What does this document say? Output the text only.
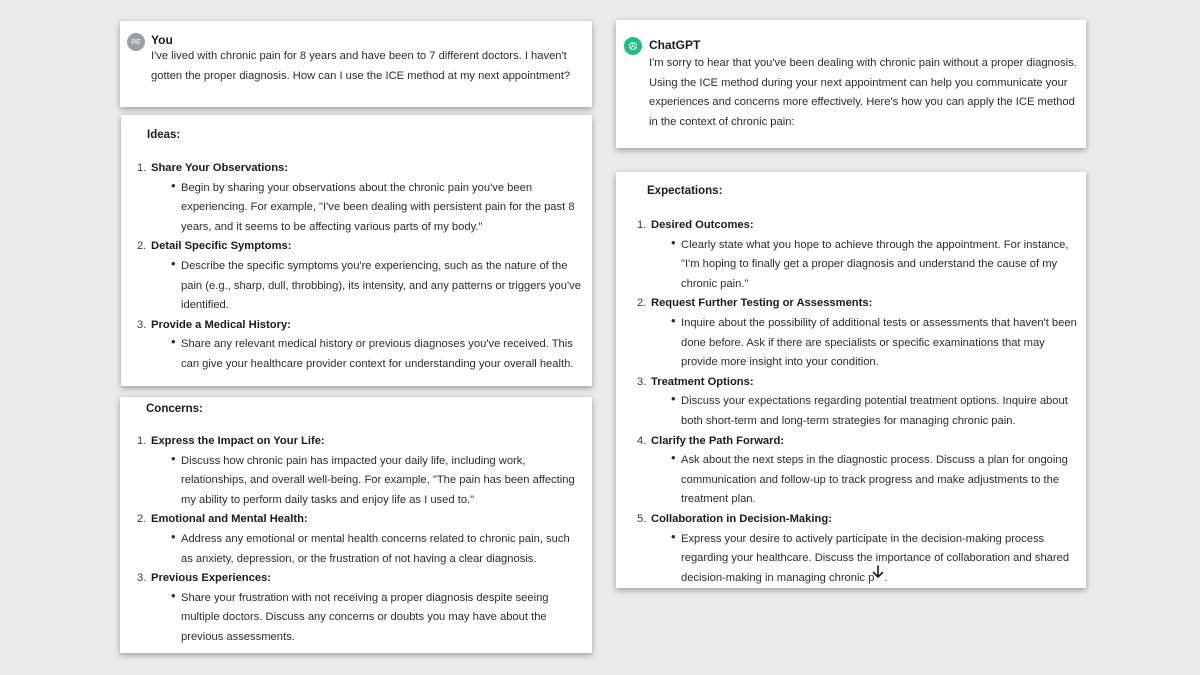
RE You
I've lived with chronic pain for 8 years and have been to 7 different doctors. I haven't gotten the proper diagnosis. How can I use the ICE method at my next appointment?
Ideas:
1. Share Your Observations:
• Begin by sharing your observations about the chronic pain you've been experiencing. For example, "I've been dealing with persistent pain for the past 8 years, and it seems to be affecting various parts of my body."
2. Detail Specific Symptoms:
• Describe the specific symptoms you're experiencing, such as the nature of the pain (e.g., sharp, dull, throbbing), its intensity, and any patterns or triggers you've identified.
3. Provide a Medical History:
• Share any relevant medical history or previous diagnoses you've received. This can give your healthcare provider context for understanding your overall health.
Concerns:
1. Express the Impact on Your Life:
• Discuss how chronic pain has impacted your daily life, including work, relationships, and overall well-being. For example, "The pain has been affecting my ability to perform daily tasks and enjoy life as I used to."
2. Emotional and Mental Health:
• Address any emotional or mental health concerns related to chronic pain, such as anxiety, depression, or the frustration of not having a clear diagnosis.
3. Previous Experiences:
• Share your frustration with not receiving a proper diagnosis despite seeing multiple doctors. Discuss any concerns or doubts you may have about the previous assessments.
ChatGPT
I'm sorry to hear that you've been dealing with chronic pain without a proper diagnosis. Using the ICE method during your next appointment can help you communicate your experiences and concerns more effectively. Here's how you can apply the ICE method in the context of chronic pain:
Expectations:
1. Desired Outcomes:
• Clearly state what you hope to achieve through the appointment. For instance, "I'm hoping to finally get a proper diagnosis and understand the cause of my chronic pain."
2. Request Further Testing or Assessments:
• Inquire about the possibility of additional tests or assessments that haven't been done before. Ask if there are specialists or specific examinations that may provide more insight into your condition.
3. Treatment Options:
• Discuss your expectations regarding potential treatment options. Inquire about both short-term and long-term strategies for managing chronic pain.
4. Clarify the Path Forward:
• Ask about the next steps in the diagnostic process. Discuss a plan for ongoing communication and follow-up to track progress and make adjustments to the treatment plan.
5. Collaboration in Decision-Making:
• Express your desire to actively participate in the decision-making process regarding your healthcare. Discuss the importance of collaboration and shared decision-making in managing chronic p .
